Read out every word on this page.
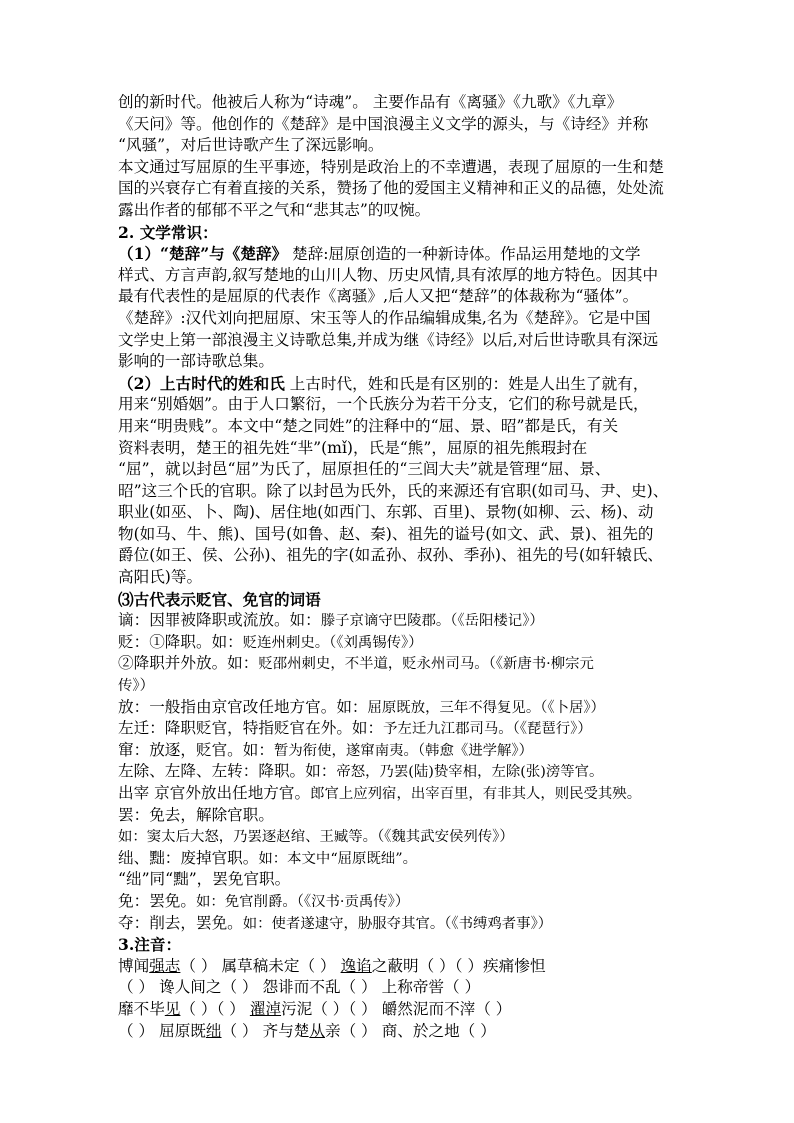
创的新时代。他被后人称为“诗魂”。 主要作品有《离骚》《九歌》《九章》
《天问》等。他创作的《楚辞》是中国浪漫主义文学的源头，与《诗经》并称
“风骚”，对后世诗歌产生了深远影响。
本文通过写屈原的生平事迹，特别是政治上的不幸遭遇，表现了屈原的一生和楚
国的兴衰存亡有着直接的关系，赞扬了他的爱国主义精神和正义的品德，处处流
露出作者的郁郁不平之气和“悲其志”的叹惋。
2. 文学常识：
（1）“楚辞”与《楚辞》 楚辞:屈原创造的一种新诗体。作品运用楚地的文学
样式、方言声韵,叙写楚地的山川人物、历史风情,具有浓厚的地方特色。因其中
最有代表性的是屈原的代表作《离骚》,后人又把“楚辞”的体裁称为“骚体”。
《楚辞》:汉代刘向把屈原、宋玉等人的作品编辑成集,名为《楚辞》。它是中国
文学史上第一部浪漫主义诗歌总集,并成为继《诗经》以后,对后世诗歌具有深远
影响的一部诗歌总集。
（2）上古时代的姓和氏 上古时代，姓和氏是有区别的：姓是人出生了就有，
用来“别婚姻”。由于人口繁衍，一个氏族分为若干分支，它们的称号就是氏，
用来“明贵贱”。本文中“楚之同姓”的注释中的“屈、景、昭”都是氏，有关
资料表明，楚王的祖先姓“芈”(mǐ)，氏是“熊”，屈原的祖先熊瑕封在
“屈”，就以封邑“屈”为氏了，屈原担任的“三闾大夫”就是管理“屈、景、
昭”这三个氏的官职。除了以封邑为氏外，氏的来源还有官职(如司马、尹、史)、
职业(如巫、卜、陶)、居住地(如西门、东郭、百里)、景物(如柳、云、杨)、动
物(如马、牛、熊)、国号(如鲁、赵、秦)、祖先的谥号(如文、武、景)、祖先的
爵位(如王、侯、公孙)、祖先的字(如孟孙、叔孙、季孙)、祖先的号(如轩辕氏、
高阳氏)等。
⑶古代表示贬官、免官的词语
谪：因罪被降职或流放。如：滕子京谪守巴陵郡。（《岳阳楼记》）
贬：①降职。如：贬连州刺史。（《刘禹锡传》）
②降职并外放。如：贬邵州刺史，不半道，贬永州司马。（《新唐书·柳宗元
传》）
放：一般指由京官改任地方官。如：屈原既放，三年不得复见。（《卜居》）
左迁：降职贬官，特指贬官在外。如：予左迁九江郡司马。（《琵琶行》）
窜：放逐，贬官。如：暂为衔使，遂窜南夷。（韩愈《进学解》）
左除、左降、左转：降职。如：帝怒，乃罢(陆)贽宰相，左除(张)滂等官。
出宰 京官外放出任地方官。郎官上应列宿，出宰百里，有非其人，则民受其殃。
罢：免去，解除官职。
如：窦太后大怒，乃罢逐赵绾、王臧等。（《魏其武安侯列传》）
绌、黜：废掉官职。如：本文中“屈原既绌”。
“绌”同“黜”，罢免官职。
免：罢免。如：免官削爵。（《汉书·贡禹传》）
夺：削去，罢免。如：使者遂逮守，胁服夺其官。（《书缚鸡者事》）
3.注音：
博闻强志（ ） 属草稿未定（ ） 逸谄之蔽明（ ）（ ）疾痛惨怛
（ ） 谗人间之（ ） 怨诽而不乱（ ） 上称帝喾（ ）
靡不毕见（ ）（ ） 濯淖污泥（ ）（ ） 皭然泥而不滓（ ）
（ ） 屈原既绌（ ） 齐与楚从亲（ ） 商、於之地（ ）
